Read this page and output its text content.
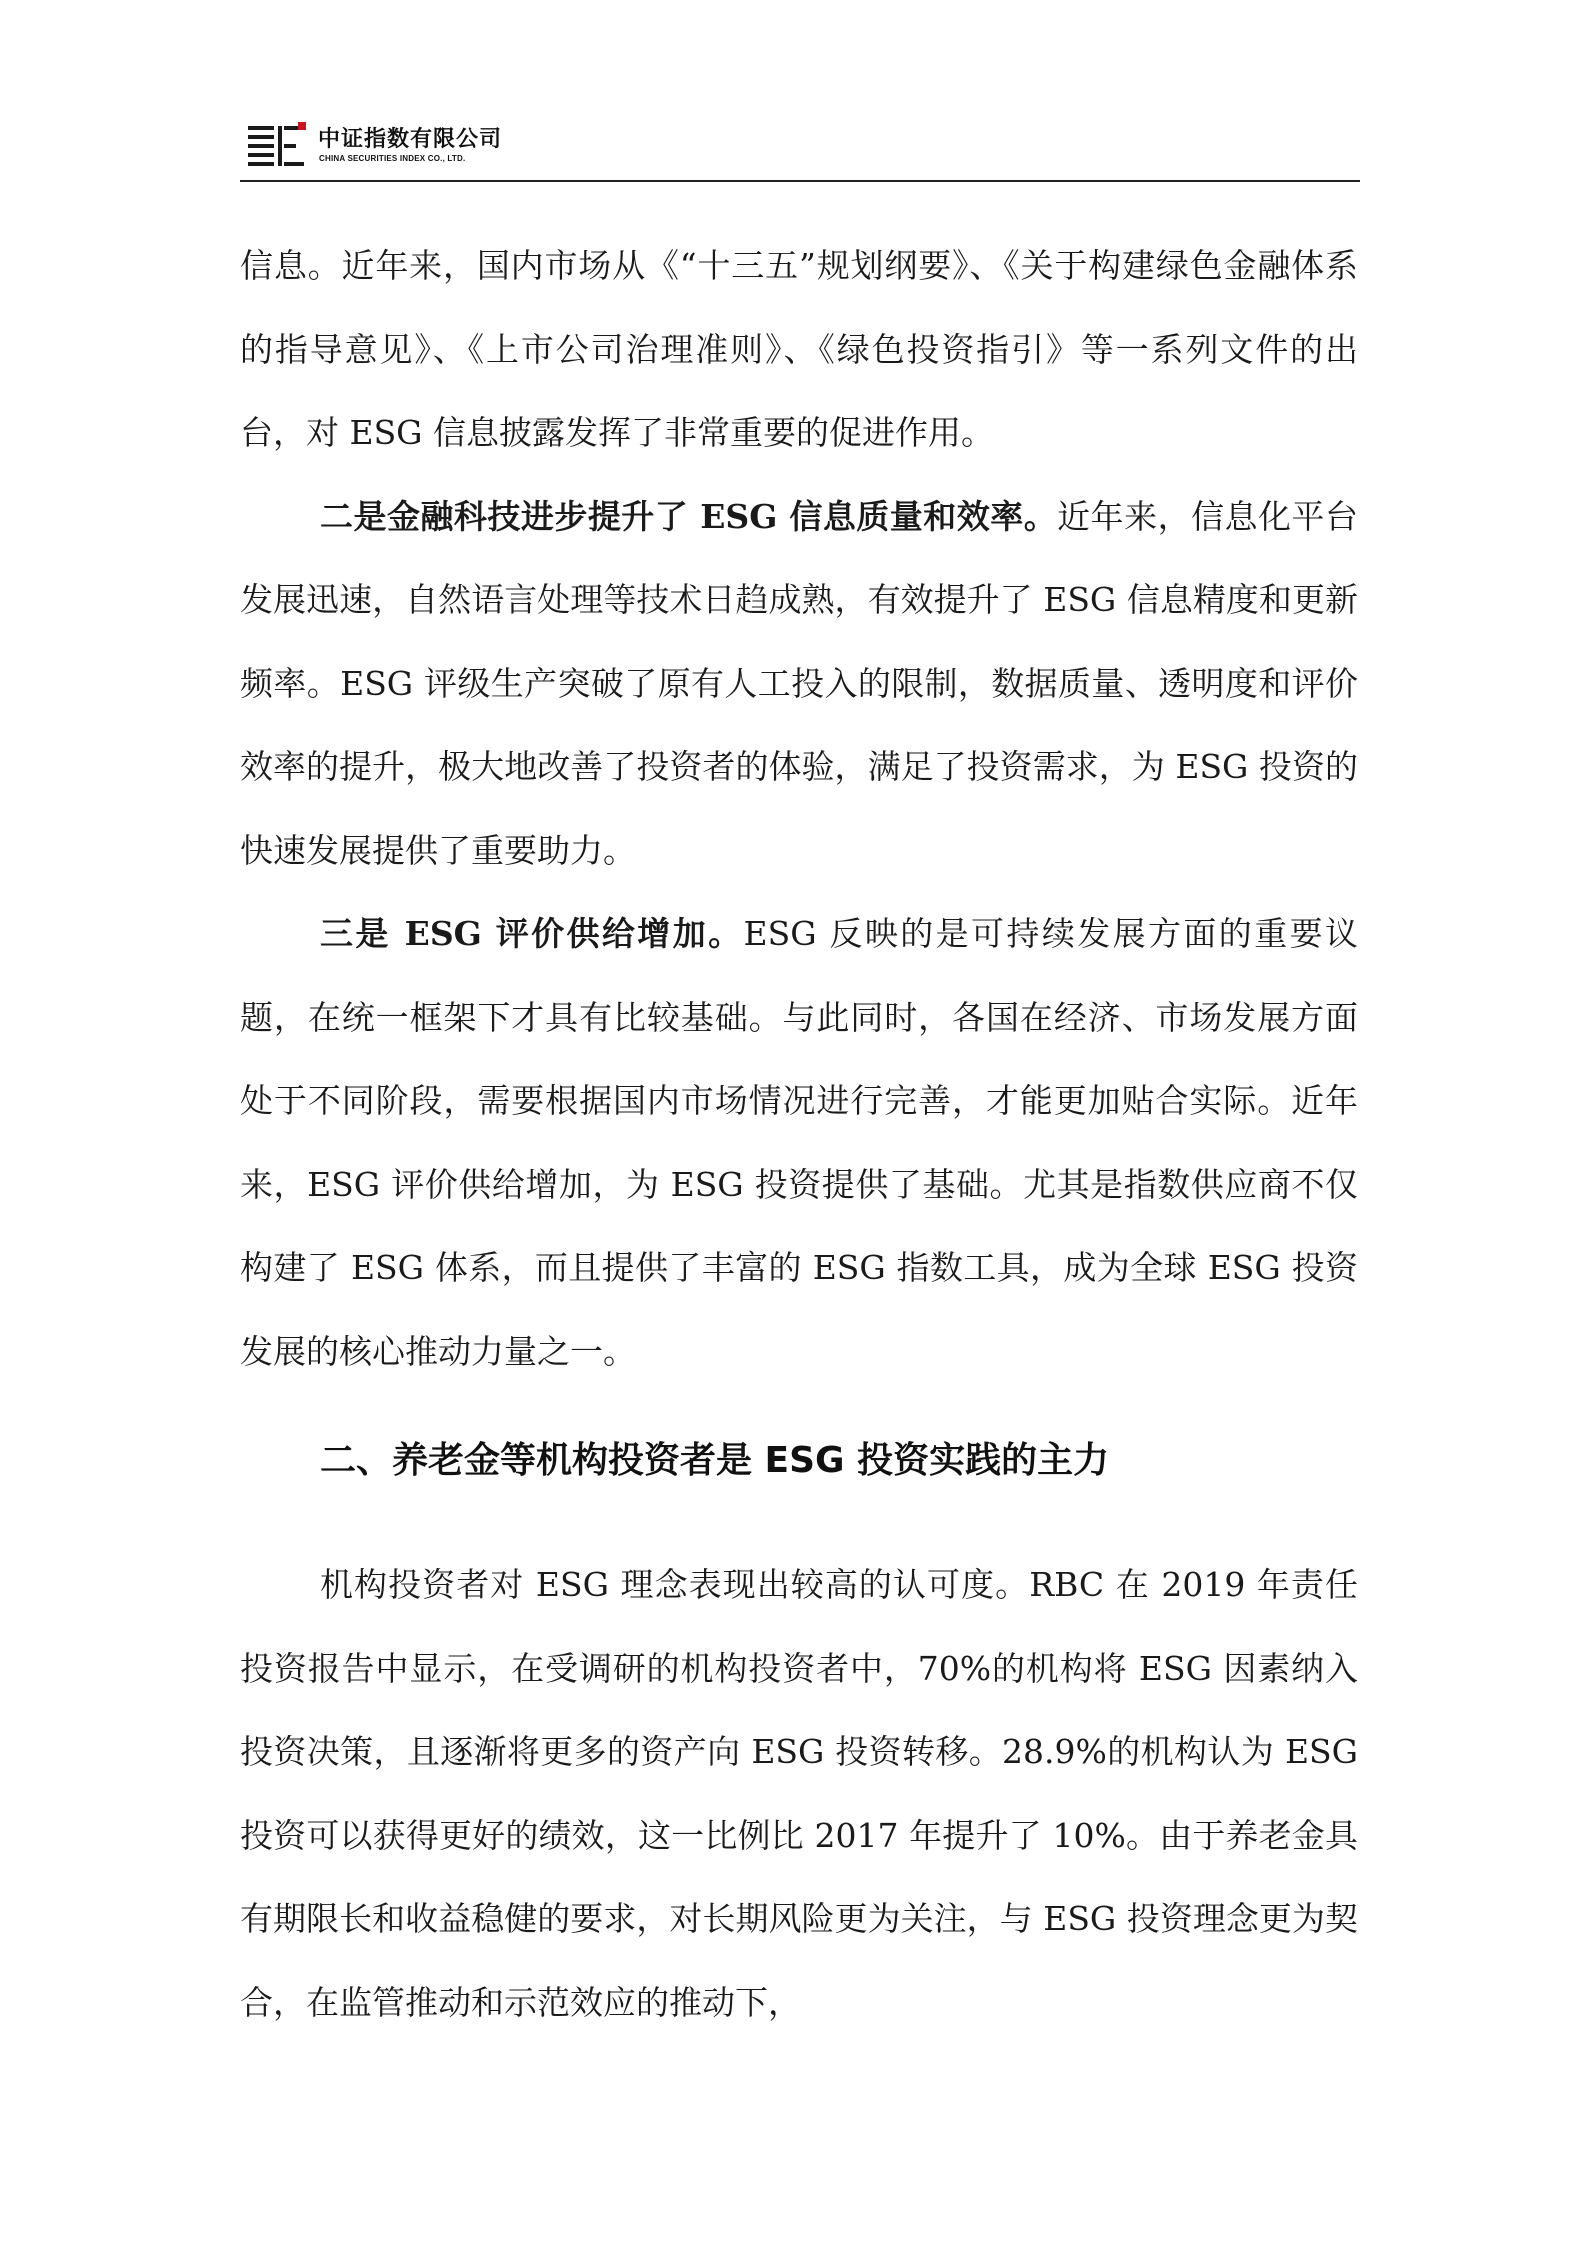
中证指数有限公司
CHINA SECURITIES INDEX CO., LTD.

信息。近年来，国内市场从《“十三五”规划纲要》、《关于构建绿色金融体系的指导意见》、《上市公司治理准则》、《绿色投资指引》等一系列文件的出台，对 ESG 信息披露发挥了非常重要的促进作用。

二是金融科技进步提升了 ESG 信息质量和效率。近年来，信息化平台发展迅速，自然语言处理等技术日趋成熟，有效提升了 ESG 信息精度和更新频率。ESG 评级生产突破了原有人工投入的限制，数据质量、透明度和评价效率的提升，极大地改善了投资者的体验，满足了投资需求，为 ESG 投资的快速发展提供了重要助力。

三是 ESG 评价供给增加。ESG 反映的是可持续发展方面的重要议题，在统一框架下才具有比较基础。与此同时，各国在经济、市场发展方面处于不同阶段，需要根据国内市场情况进行完善，才能更加贴合实际。近年来，ESG 评价供给增加，为 ESG 投资提供了基础。尤其是指数供应商不仅构建了 ESG 体系，而且提供了丰富的 ESG 指数工具，成为全球 ESG 投资发展的核心推动力量之一。

二、养老金等机构投资者是 ESG 投资实践的主力

机构投资者对 ESG 理念表现出较高的认可度。RBC 在 2019 年责任投资报告中显示，在受调研的机构投资者中，70%的机构将 ESG 因素纳入投资决策，且逐渐将更多的资产向 ESG 投资转移。28.9%的机构认为 ESG 投资可以获得更好的绩效，这一比例比 2017 年提升了 10%。由于养老金具有期限长和收益稳健的要求，对长期风险更为关注，与 ESG 投资理念更为契合，在监管推动和示范效应的推动下，
